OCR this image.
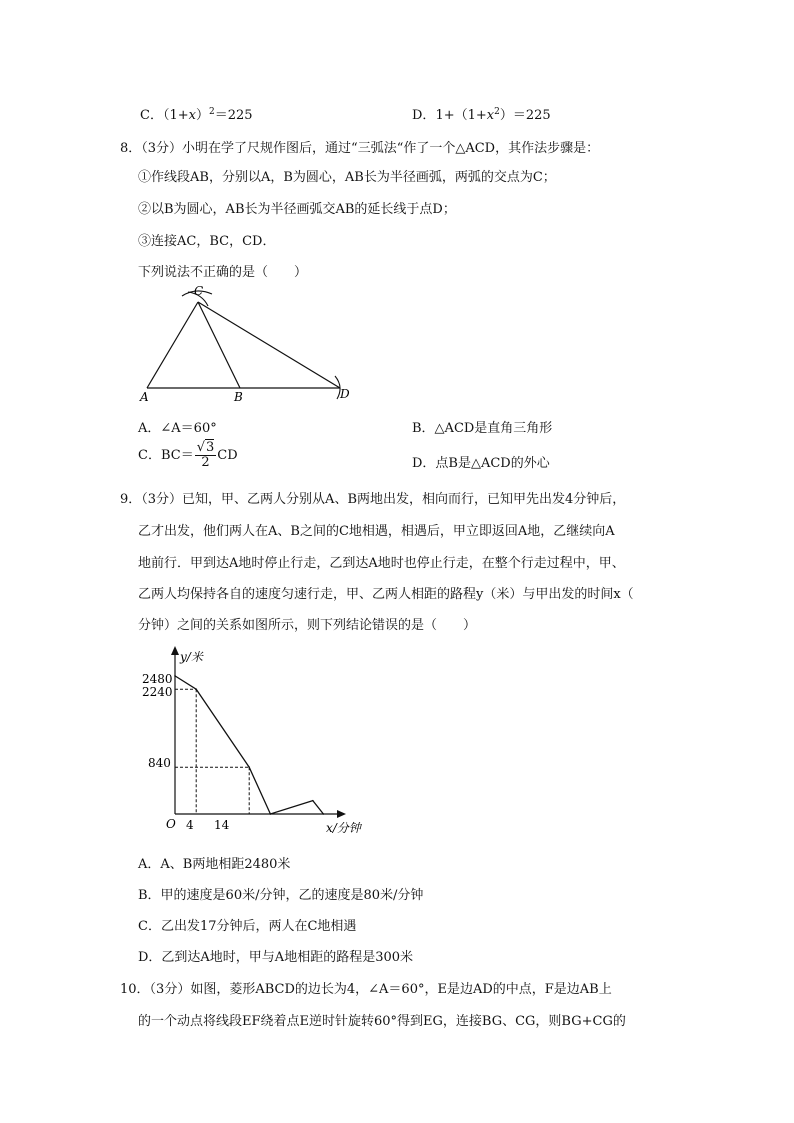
C．$(1+x)^2=225$	D．$1+(1+x^2)=225$
8．（3分）小明在学了尺规作图后，通过“三弧法“作了一个△ACD，其作法步骤是：
①作线段AB，分别以A，B为圆心，AB长为半径画弧，两弧的交点为C；
②以B为圆心，AB长为半径画弧交AB的延长线于点D；
③连接AC，BC，CD．
下列说法不正确的是（　　）
C
A	B	D
A．∠A＝60°	B．△ACD是直角三角形
C．$BC= \frac{√3}{2}$ CD
D．点B是△ACD的外心
9．（3分）已知，甲、乙两人分别从A、B两地出发，相向而行，已知甲先出发4分钟后，
乙才出发，他们两人在A、B之间的C地相遇，相遇后，甲立即返回A地，乙继续向A
地前行．甲到达A地时停止行走，乙到达A地时也停止行走，在整个行走过程中，甲、
乙两人均保持各自的速度匀速行走，甲、乙两人相距的路程y（米）与甲出发的时间x（
分钟）之间的关系如图所示，则下列结论错误的是（　　）
y/米
x/分钟
O
2480
2240
840
4 14
A．A、B两地相距2480米
B．甲的速度是60米/分钟，乙的速度是80米/分钟
C．乙出发17分钟后，两人在C地相遇
D．乙到达A地时，甲与A地相距的路程是300米
10．（3分）如图，菱形ABCD的边长为4，∠A＝60°，E是边AD的中点，F是边AB上
的一个动点将线段EF绕着点E逆时针旋转60°得到EG，连接BG、CG，则BG+CG的
